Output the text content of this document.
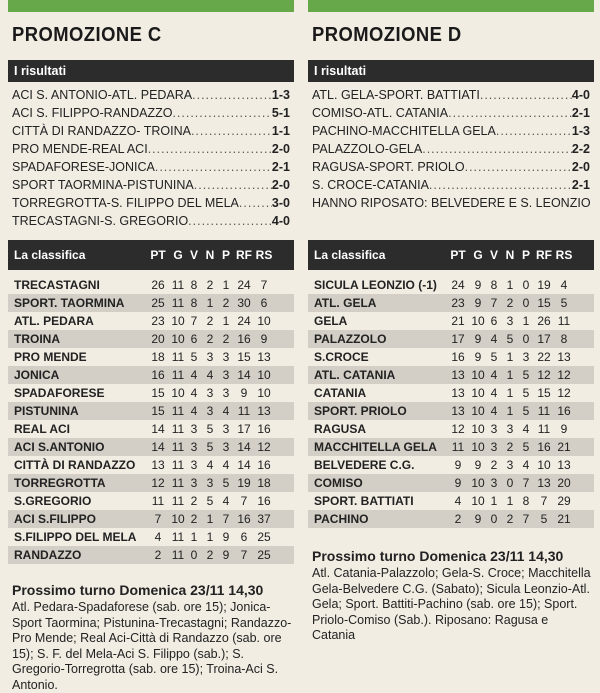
PROMOZIONE C
I risultati
ACI S. ANTONIO-ATL. PEDARA .....	1-3
ACI S. FILIPPO-RANDAZZO .....	5-1
CITTÀ DI RANDAZZO- TROINA .....	1-1
PRO MENDE-REAL ACI .....	2-0
SPADAFORESE-JONICA .....	2-1
SPORT TAORMINA-PISTUNINA .....	2-0
TORREGROTTA-S. FILIPPO DEL MELA .....	3-0
TRECASTAGNI-S. GREGORIO .....	4-0
La classifica	PT G V N P RF RS
TRECASTAGNI	26 11 8 2 1 24 7
SPORT. TAORMINA	25 11 8 1 2 30 6
ATL. PEDARA	23 10 7 2 1 24 10
TROINA	20 10 6 2 2 16 9
PRO MENDE	18 11 5 3 3 15 13
JONICA	16 11 4 4 3 14 10
SPADAFORESE	15 10 4 3 3 9 10
PISTUNINA	15 11 4 3 4 11 13
REAL ACI	14 11 3 5 3 17 16
ACI S.ANTONIO	14 11 3 5 3 14 12
CITTÀ DI RANDAZZO	13 11 3 4 4 14 16
TORREGROTTA	12 11 3 3 5 19 18
S.GREGORIO	11 11 2 5 4 7 16
ACI S.FILIPPO	7 10 2 1 7 16 37
S.FILIPPO DEL MELA	4 11 1 1 9 6 25
RANDAZZO	2 11 0 2 9 7 25
Prossimo turno Domenica 23/11 14,30
Atl. Pedara-Spadaforese (sab. ore 15); Jonica-Sport Taormina; Pistunina-Trecastagni; Randazzo-Pro Mende; Real Aci-Città di Randazzo (sab. ore 15); S. F. del Mela-Aci S. Filippo (sab.); S. Gregorio-Torregrotta (sab. ore 15); Troina-Aci S. Antonio.
PROMOZIONE D
I risultati
ATL. GELA-SPORT. BATTIATI .....	4-0
COMISO-ATL. CATANIA .....	2-1
PACHINO-MACCHITELLA GELA .....	1-3
PALAZZOLO-GELA .....	2-2
RAGUSA-SPORT. PRIOLO .....	2-0
S. CROCE-CATANIA .....	2-1
HANNO RIPOSATO: BELVEDERE E S. LEONZIO
La classifica	PT G V N P RF RS
SICULA LEONZIO (-1)	24 9 8 1 0 19 4
ATL. GELA	23 9 7 2 0 15 5
GELA	21 10 6 3 1 26 11
PALAZZOLO	17 9 4 5 0 17 8
S.CROCE	16 9 5 1 3 22 13
ATL. CATANIA	13 10 4 1 5 12 12
CATANIA	13 10 4 1 5 15 12
SPORT. PRIOLO	13 10 4 1 5 11 16
RAGUSA	12 10 3 3 4 11 9
MACCHITELLA GELA	11 10 3 2 5 16 21
BELVEDERE C.G.	9	9 2 3 4 10 13
COMISO	9 10 3 0 7 13 20
SPORT. BATTIATI	4 10 1 1 8 7 29
PACHINO	2	9 0 2 7 5 21
Prossimo turno Domenica 23/11 14,30
Atl. Catania-Palazzolo; Gela-S. Croce; Macchitella Gela-Belvedere C.G. (Sabato); Sicula Leonzio-Atl. Gela; Sport. Battiti-Pachino (sab. ore 15); Sport. Priolo-Comiso (Sab.). Riposano: Ragusa e Catania
